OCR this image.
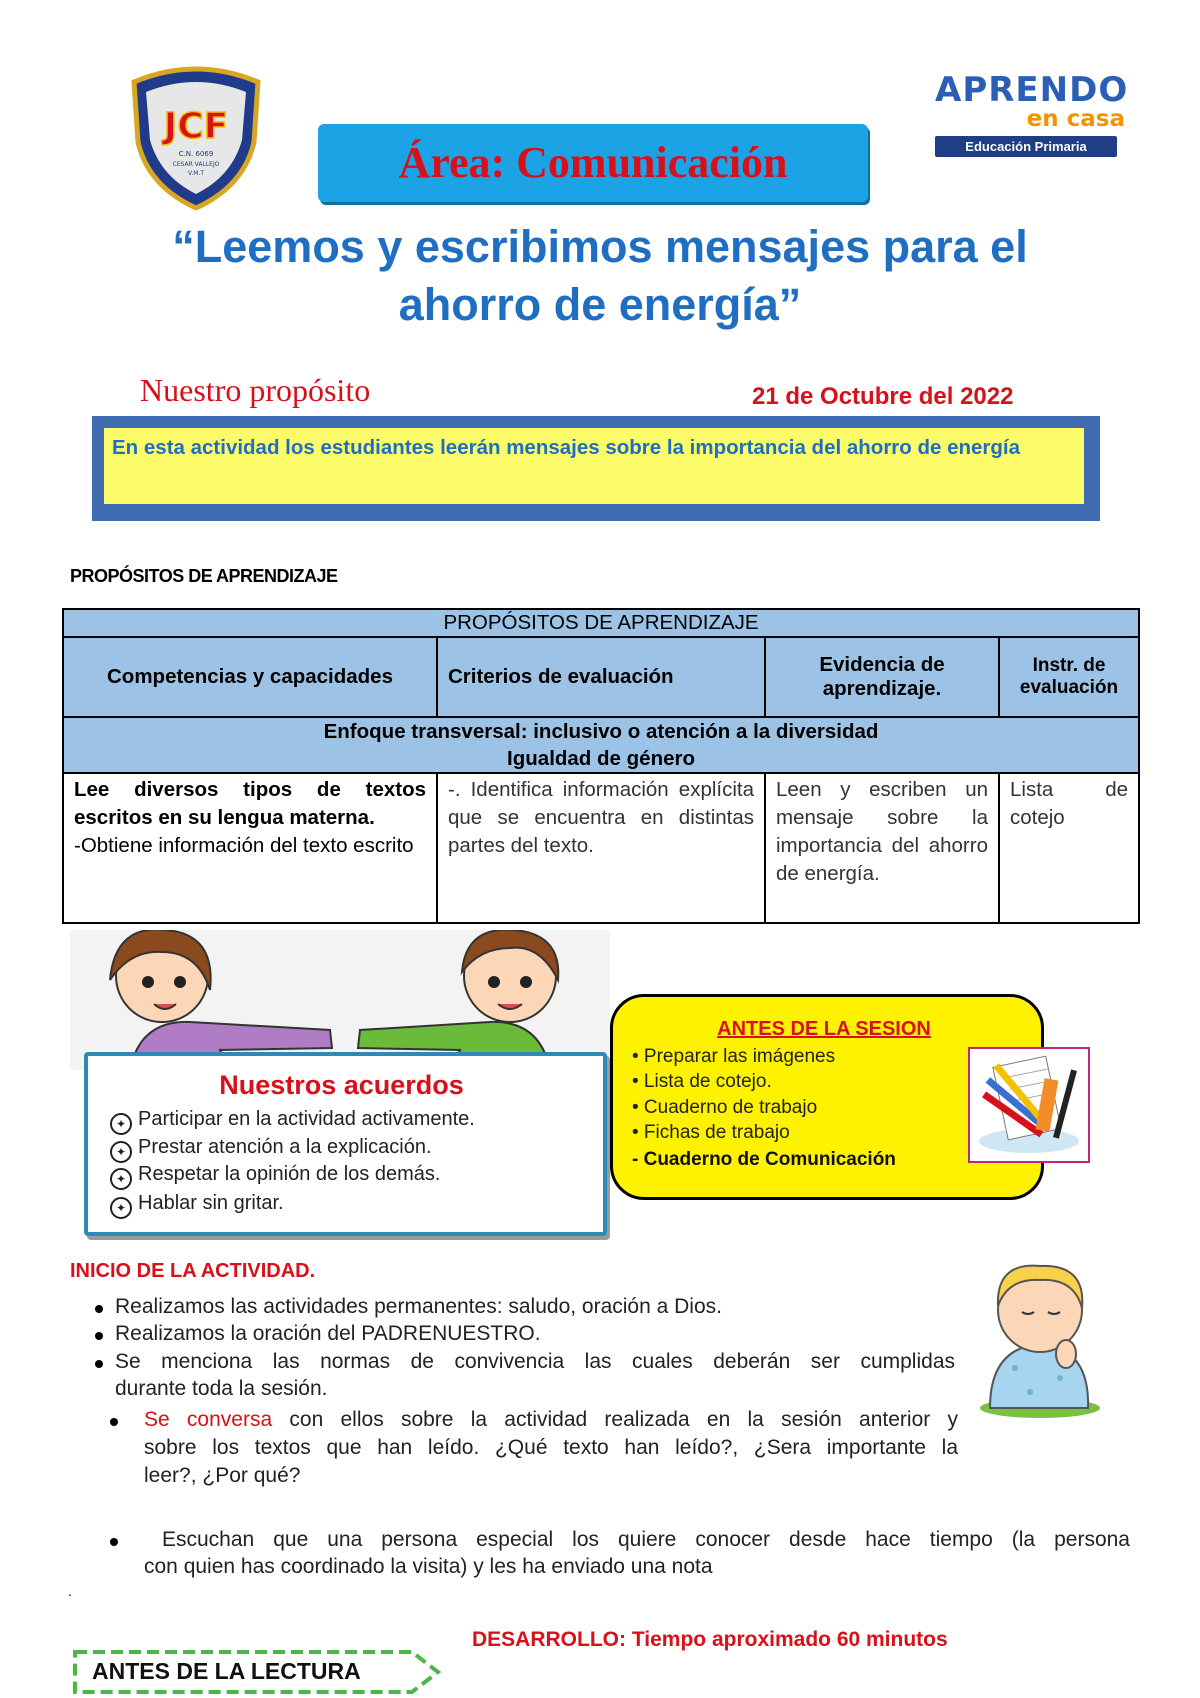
JCF
C.N. 6069
CESAR VALLEJO
V.M.T
APRENDO
en casa
Educación Primaria
Área: Comunicación
“Leemos y escribimos mensajes para el
ahorro de energía”
Nuestro propósito	21 de Octubre del 2022
En esta actividad los estudiantes leerán mensajes sobre la importancia del ahorro de energía
PROPÓSITOS DE APRENDIZAJE
PROPÓSITOS DE APRENDIZAJE			
Competencias y capacidades	Criterios de evaluación	Evidencia de aprendizaje.	Instr. de evaluación

Enfoque transversal: inclusivo o atención a la diversidad
Igualdad de género			

Lee diversos tipos de textos escritos en su lengua materna.
-Obtiene información del texto escrito	-. Identifica información explícita que se encuentra en distintas partes del texto.	Leen y escriben un mensaje sobre la importancia del ahorro de energía.	Lista de cotejo
Nuestros acuerdos
✦ Participar en la actividad activamente.
✦ Prestar atención a la explicación.
✦ Respetar la opinión de los demás.
✦ Hablar sin gritar.
ANTES DE LA SESION
• Preparar las imágenes
• Lista de cotejo.
• Cuaderno de trabajo
• Fichas de trabajo
- Cuaderno de Comunicación
INICIO DE LA ACTIVIDAD.
Realizamos las actividades permanentes: saludo, oración a Dios.
Realizamos la oración del PADRENUESTRO.
Se menciona las normas de convivencia las cuales deberán ser cumplidas
durante toda la sesión.
Se conversa con ellos sobre la actividad realizada en la sesión anterior y
sobre los textos que han leído. ¿Qué texto han leído?, ¿Sera importante la
leer?, ¿Por qué?
Escuchan que una persona especial los quiere conocer desde hace tiempo (la persona
con quien has coordinado la visita) y les ha enviado una nota
.
DESARROLLO: Tiempo aproximado 60 minutos
ANTES DE LA LECTURA
